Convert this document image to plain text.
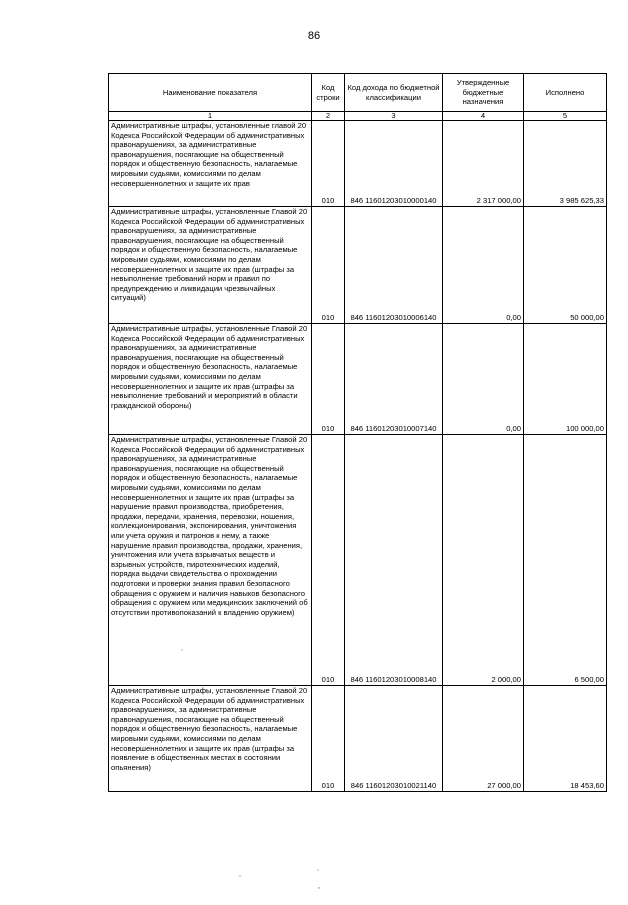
86
Наименование показателя	Код строки	Код дохода по бюджетной классификации	Утвержденные бюджетные назначения	Исполнено
1	2	3	4	5
Административные штрафы, установленные главой 20 Кодекса Российской Федерации об административных правонарушениях, за административные правонарушения, посягающие на общественный порядок и общественную безопасность, налагаемые мировыми судьями, комиссиями по делам несовершеннолетних и защите их прав	010	846 11601203010000140	2 317 000,00	3 985 625,33
Административные штрафы, установленные Главой 20 Кодекса Российской Федерации об административных правонарушениях, за административные правонарушения, посягающие на общественный порядок и общественную безопасность, налагаемые мировыми судьями, комиссиями по делам несовершеннолетних и защите их прав (штрафы за невыполнение требований норм и правил по предупреждению и ликвидации чрезвычайных ситуаций)	010	846 11601203010006140	0,00	50 000,00
Административные штрафы, установленные Главой 20 Кодекса Российской Федерации об административных правонарушениях, за административные правонарушения, посягающие на общественный порядок и общественную безопасность, налагаемые мировыми судьями, комиссиями по делам несовершеннолетних и защите их прав (штрафы за невыполнение требований и мероприятий в области гражданской обороны)	010	846 11601203010007140	0,00	100 000,00
Административные штрафы, установленные Главой 20 Кодекса Российской Федерации об административных правонарушениях, за административные правонарушения, посягающие на общественный порядок и общественную безопасность, налагаемые мировыми судьями, комиссиями по делам несовершеннолетних и защите их прав (штрафы за нарушение правил производства, приобретения, продажи, передачи, хранения, перевозки, ношения, коллекционирования, экспонирования, уничтожения или учета оружия и патронов к нему, а также нарушение правил производства, продажи, хранения, уничтожения или учета взрывчатых веществ и взрывных устройств, пиротехнических изделий, порядка выдачи свидетельства о прохождении подготовки и проверки знания правил безопасного обращения с оружием и наличия навыков безопасного обращения с оружием или медицинских заключений об отсутствии противопоказаний к владению оружием)	010	846 11601203010008140	2 000,00	6 500,00
Административные штрафы, установленные Главой 20 Кодекса Российской Федерации об административных правонарушениях, за административные правонарушения, посягающие на общественный порядок и общественную безопасность, налагаемые мировыми судьями, комиссиями по делам несовершеннолетних и защите их прав (штрафы за появление в общественных местах в состоянии опьянения)	010	846 11601203010021140	27 000,00	18 453,60
